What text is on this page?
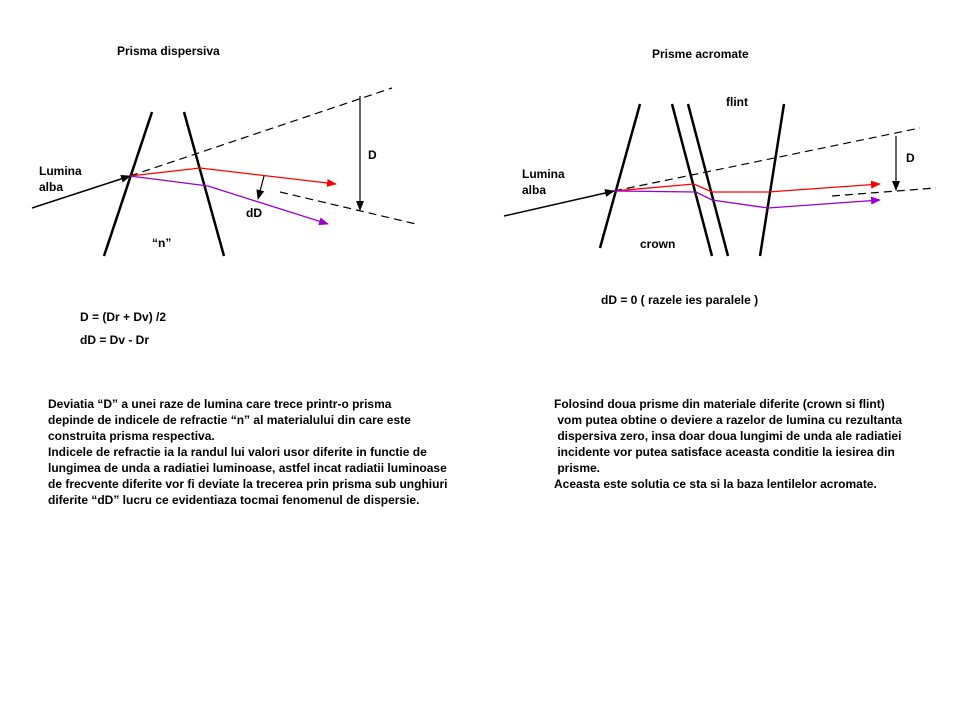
Prisma dispersiva
Lumina
alba
D
dD
“n”
D = (Dr + Dv) /2
dD = Dv - Dr
Deviatia “D” a unei raze de lumina care trece printr-o prisma
depinde de indicele de refractie “n” al materialului din care este
construita prisma respectiva.
Indicele de refractie ia la randul lui valori usor diferite in functie de
lungimea de unda a radiatiei luminoase, astfel incat radiatii luminoase
de frecvente diferite vor fi deviate la trecerea prin prisma sub unghiuri
diferite “dD” lucru ce evidentiaza tocmai fenomenul de dispersie.
Prisme acromate
flint
D
Lumina
alba
crown
dD = 0 ( razele ies paralele )
Folosind doua prisme din materiale diferite (crown si flint)
vom putea obtine o deviere a razelor de lumina cu rezultanta
dispersiva zero, insa doar doua lungimi de unda ale radiatiei
incidente vor putea satisface aceasta conditie la iesirea din
prisme.
Aceasta este solutia ce sta si la baza lentilelor acromate.
